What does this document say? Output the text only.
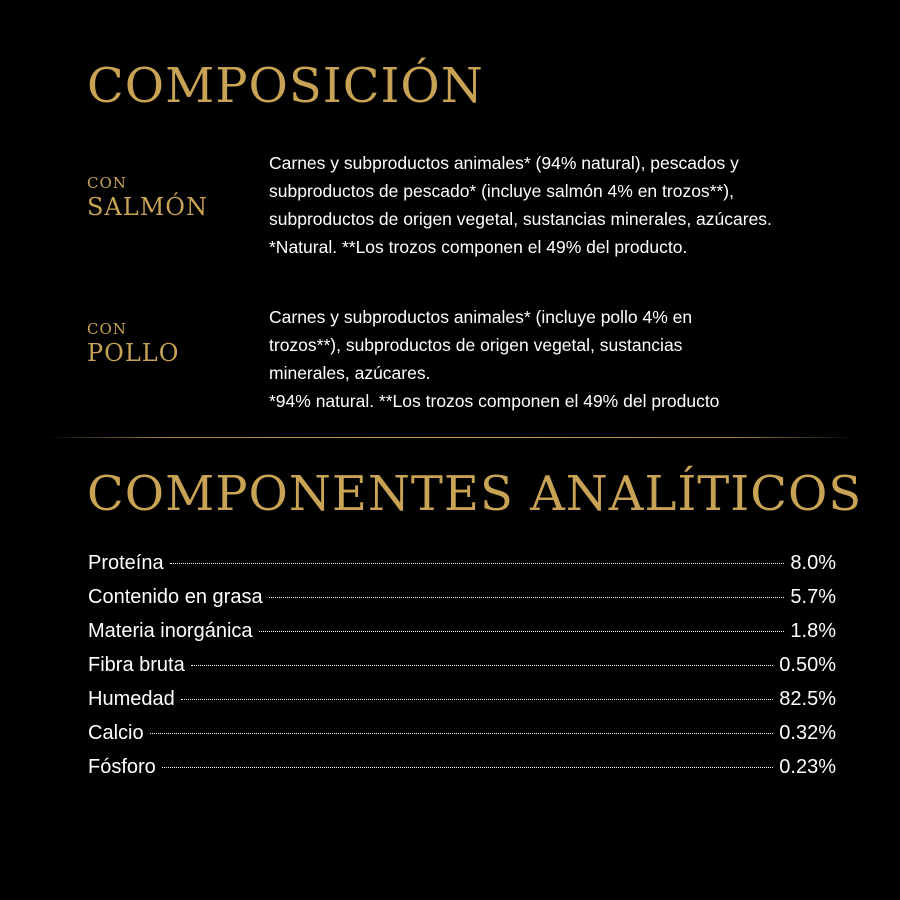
COMPOSICIÓN
CON
SALMÓN

Carnes y subproductos animales* (94% natural), pescados y
subproductos de pescado* (incluye salmón 4% en trozos**),
subproductos de origen vegetal, sustancias minerales, azúcares.
*Natural. **Los trozos componen el 49% del producto.

CON
POLLO

Carnes y subproductos animales* (incluye pollo 4% en
trozos**), subproductos de origen vegetal, sustancias
minerales, azúcares.
*94% natural. **Los trozos componen el 49% del producto

COMPONENTES ANALÍTICOS
Proteína	8.0%
Contenido en grasa	5.7%
Materia inorgánica	1.8%
Fibra bruta	0.50%
Humedad	82.5%
Calcio	0.32%
Fósforo	0.23%
